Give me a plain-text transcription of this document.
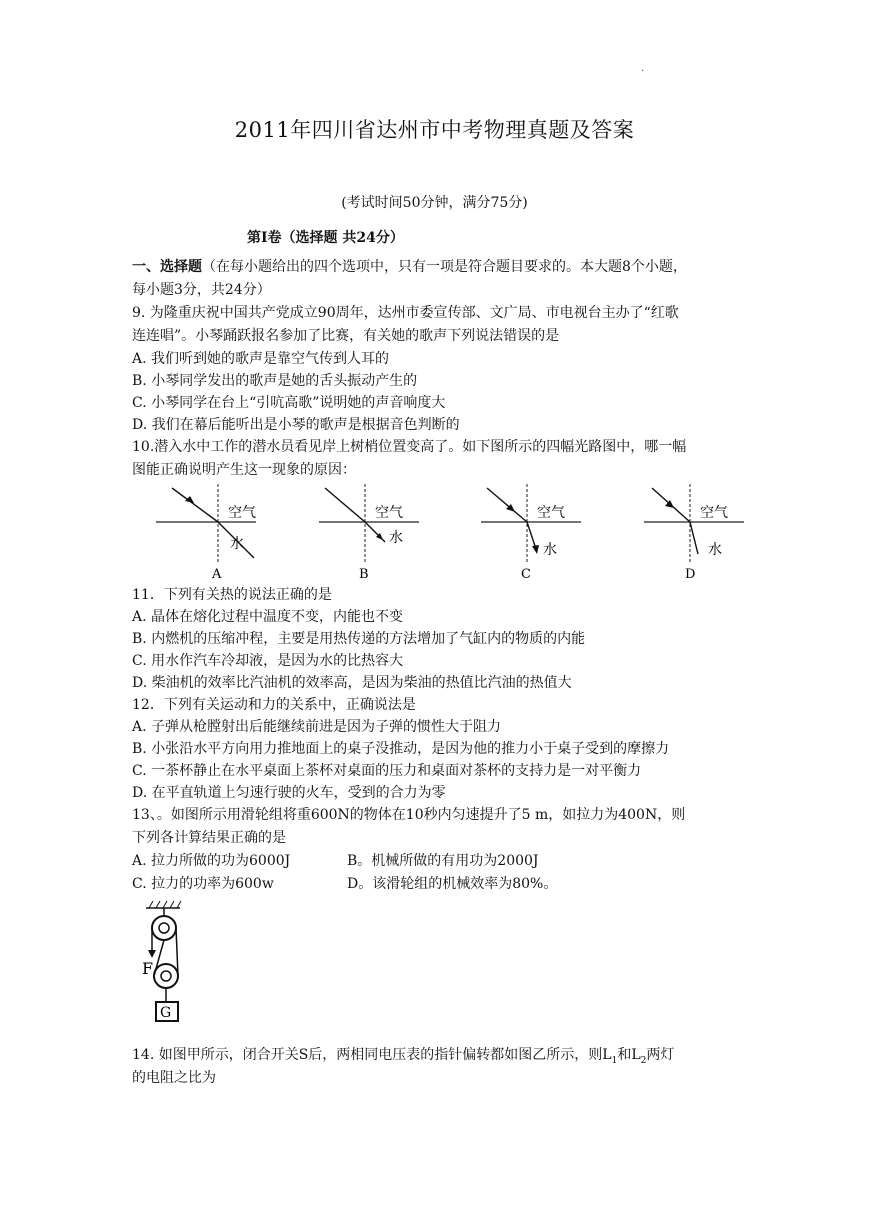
·
2011年四川省达州市中考物理真题及答案
(考试时间50分钟，满分75分)
第Ⅰ卷（选择题 共24分）
一、选择题（在每小题给出的四个选项中，只有一项是符合题目要求的。本大题8个小题，
每小题3分，共24分）
9. 为隆重庆祝中国共产党成立90周年，达州市委宣传部、文广局、市电视台主办了“红歌
连连唱”。小琴踊跃报名参加了比赛，有关她的歌声下列说法错误的是
A. 我们听到她的歌声是靠空气传到人耳的
B. 小琴同学发出的歌声是她的舌头振动产生的
C. 小琴同学在台上“引吭高歌”说明她的声音响度大
D. 我们在幕后能听出是小琴的歌声是根据音色判断的
10.潜入水中工作的潜水员看见岸上树梢位置变高了。如下图所示的四幅光路图中，哪一幅
图能正确说明产生这一现象的原因：
空气
水
A
空气
水
B
空气
水
C
空气
水
D
11．下列有关热的说法正确的是
A. 晶体在熔化过程中温度不变，内能也不变
B. 内燃机的压缩冲程，主要是用热传递的方法增加了气缸内的物质的内能
C. 用水作汽车冷却液，是因为水的比热容大
D. 柴油机的效率比汽油机的效率高，是因为柴油的热值比汽油的热值大
12．下列有关运动和力的关系中，正确说法是
A. 子弹从枪膛射出后能继续前进是因为子弹的惯性大于阻力
B. 小张沿水平方向用力推地面上的桌子没推动，是因为他的推力小于桌子受到的摩擦力
C. 一茶杯静止在水平桌面上茶杯对桌面的压力和桌面对茶杯的支持力是一对平衡力
D. 在平直轨道上匀速行驶的火车，受到的合力为零
13、。如图所示用滑轮组将重600N的物体在10秒内匀速提升了5 m，如拉力为400N，则
下列各计算结果正确的是
A. 拉力所做的功为6000J	B。机械所做的有用功为2000J
C. 拉力的功率为600w	D。该滑轮组的机械效率为80%。
F
G
14. 如图甲所示，闭合开关S后，两相同电压表的指针偏转都如图乙所示，则$L_1$和$L_2$两灯
的电阻之比为
